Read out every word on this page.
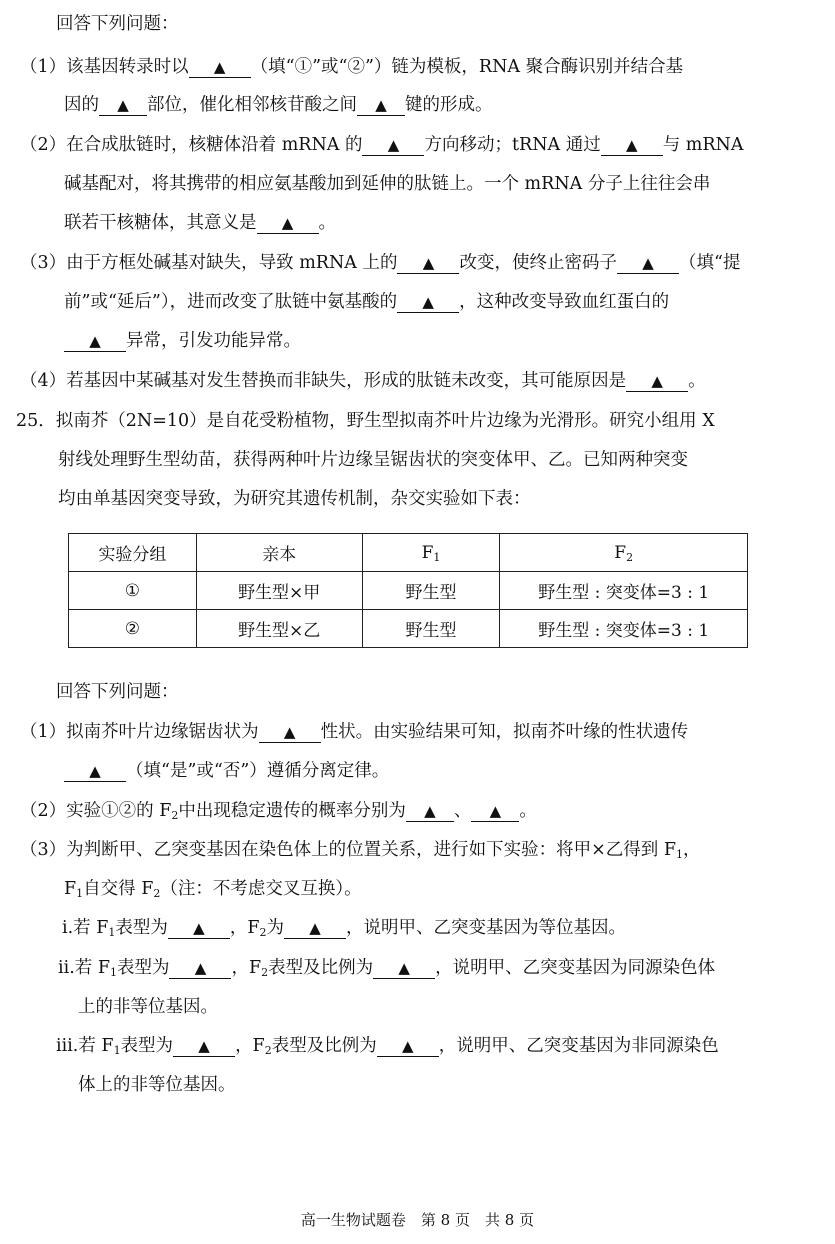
回答下列问题：
（1）该基因转录时以 ▲	（填“①”或“②”）链为模板，RNA 聚合酶识别并结合基
因的 ▲	部位，催化相邻核苷酸之间 ▲	键的形成。
（2）在合成肽链时，核糖体沿着 mRNA 的 ▲	方向移动；tRNA 通过 ▲	与 mRNA
碱基配对，将其携带的相应氨基酸加到延伸的肽链上。一个 mRNA 分子上往往会串
联若干核糖体，其意义是 ▲	。
（3）由于方框处碱基对缺失，导致 mRNA 上的 ▲	改变，使终止密码子 ▲	（填“提
前”或“延后”），进而改变了肽链中氨基酸的 ▲	，这种改变导致血红蛋白的
▲异常，引发功能异常。
（4）若基因中某碱基对发生替换而非缺失，形成的肽链未改变，其可能原因是 ▲	。
25．拟南芥（2N=10）是自花受粉植物，野生型拟南芥叶片边缘为光滑形。研究小组用 X
射线处理野生型幼苗，获得两种叶片边缘呈锯齿状的突变体甲、乙。已知两种突变
均由单基因突变导致，为研究其遗传机制，杂交实验如下表：
实验分组	亲本	$F_1$	$F_2$
①	野生型×甲	野生型	野生型 : 突变体=3 : 1
②	野生型×乙	野生型	野生型 : 突变体=3 : 1
回答下列问题：
（1）拟南芥叶片边缘锯齿状为 ▲	性状。由实验结果可知，拟南芥叶缘的性状遗传
▲（填“是”或“否”）遵循分离定律。
（2）实验①②的 $F_2$中出现稳定遗传的概率分别为 ▲	、 ▲	。
（3）为判断甲、乙突变基因在染色体上的位置关系，进行如下实验：将甲×乙得到 $F_1$，
$F_1$自交得 $F_2$（注：不考虑交叉互换）。
ⅰ.若 $F_1$表型为 ▲	，$F_2$为 ▲	，说明甲、乙突变基因为等位基因。
ⅱ.若 $F_1$表型为 ▲	，$F_2$表型及比例为 ▲	，说明甲、乙突变基因为同源染色体
上的非等位基因。
ⅲ.若 $F_1$表型为 ▲	，$F_2$表型及比例为 ▲	，说明甲、乙突变基因为非同源染色
体上的非等位基因。
高一生物试题卷　第 8 页　共 8 页
